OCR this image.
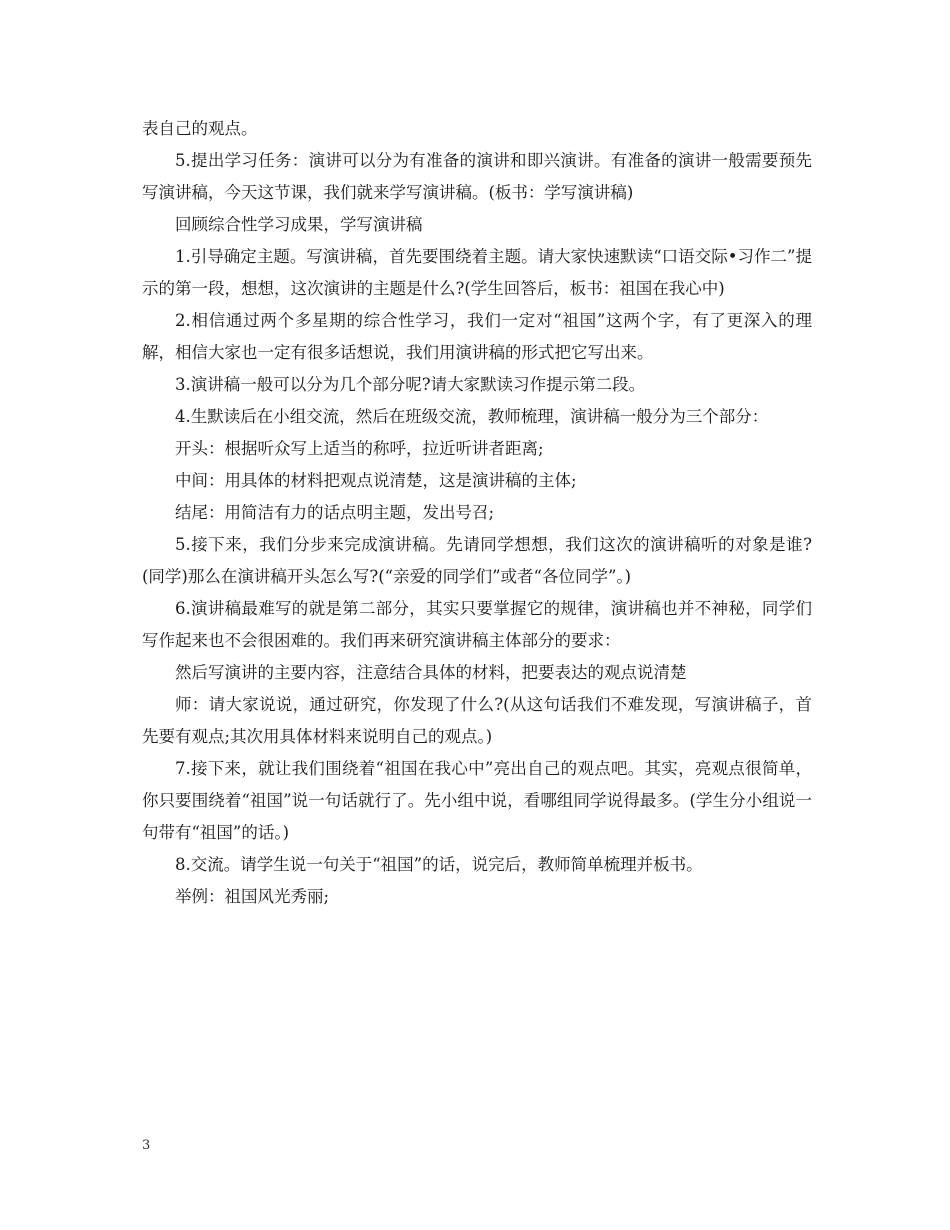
表自己的观点。

5.提出学习任务：演讲可以分为有准备的演讲和即兴演讲。有准备的演讲一般需要预先写演讲稿，今天这节课，我们就来学写演讲稿。(板书：学写演讲稿)

回顾综合性学习成果，学写演讲稿

1.引导确定主题。写演讲稿，首先要围绕着主题。请大家快速默读“口语交际•习作二”提示的第一段，想想，这次演讲的主题是什么?(学生回答后，板书：祖国在我心中)

2.相信通过两个多星期的综合性学习，我们一定对“祖国”这两个字，有了更深入的理解，相信大家也一定有很多话想说，我们用演讲稿的形式把它写出来。

3.演讲稿一般可以分为几个部分呢?请大家默读习作提示第二段。

4.生默读后在小组交流，然后在班级交流，教师梳理，演讲稿一般分为三个部分：

开头：根据听众写上适当的称呼，拉近听讲者距离;

中间：用具体的材料把观点说清楚，这是演讲稿的主体;

结尾：用简洁有力的话点明主题，发出号召;

5.接下来，我们分步来完成演讲稿。先请同学想想，我们这次的演讲稿听的对象是谁?(同学)那么在演讲稿开头怎么写?(“亲爱的同学们”或者“各位同学”。)

6.演讲稿最难写的就是第二部分，其实只要掌握它的规律，演讲稿也并不神秘，同学们写作起来也不会很困难的。我们再来研究演讲稿主体部分的要求：

然后写演讲的主要内容，注意结合具体的材料，把要表达的观点说清楚

师：请大家说说，通过研究，你发现了什么?(从这句话我们不难发现，写演讲稿子，首先要有观点;其次用具体材料来说明自己的观点。)

7.接下来，就让我们围绕着“祖国在我心中”亮出自己的观点吧。其实，亮观点很简单，你只要围绕着“祖国”说一句话就行了。先小组中说，看哪组同学说得最多。(学生分小组说一句带有“祖国”的话。)

8.交流。请学生说一句关于“祖国”的话，说完后，教师简单梳理并板书。

举例：祖国风光秀丽;

3
